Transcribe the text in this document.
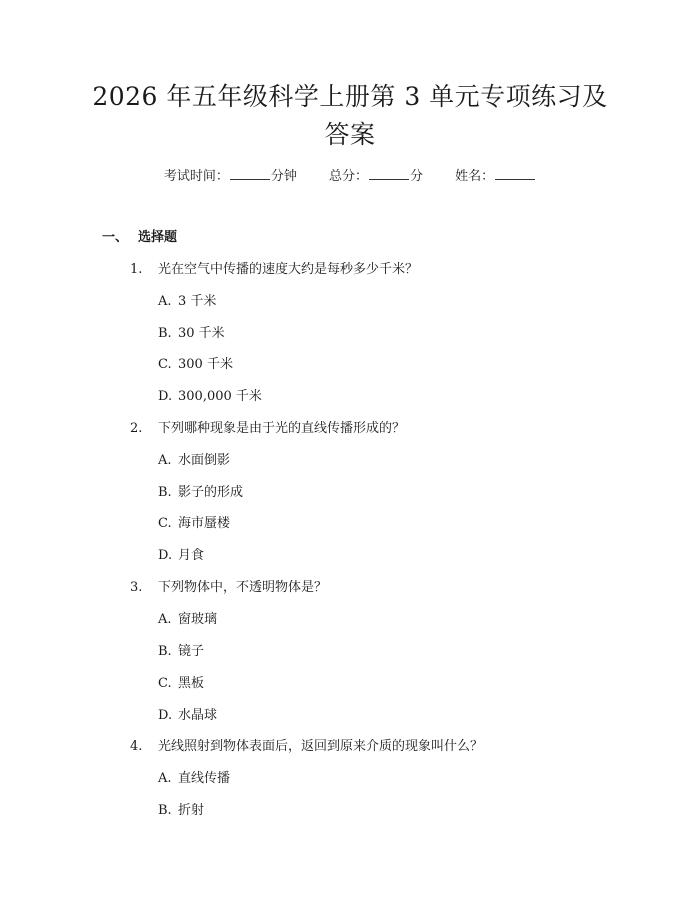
2026 年五年级科学上册第 3 单元专项练习及
答案
考试时间：	分钟 总分：	分 姓名：
一、 选择题
1. 光在空气中传播的速度大约是每秒多少千米？
A. 3 千米
B. 30 千米
C. 300 千米
D. 300,000 千米
2. 下列哪种现象是由于光的直线传播形成的？
A. 水面倒影
B. 影子的形成
C. 海市蜃楼
D. 月食
3. 下列物体中，不透明物体是？
A. 窗玻璃
B. 镜子
C. 黑板
D. 水晶球
4. 光线照射到物体表面后，返回到原来介质的现象叫什么？
A. 直线传播
B. 折射
